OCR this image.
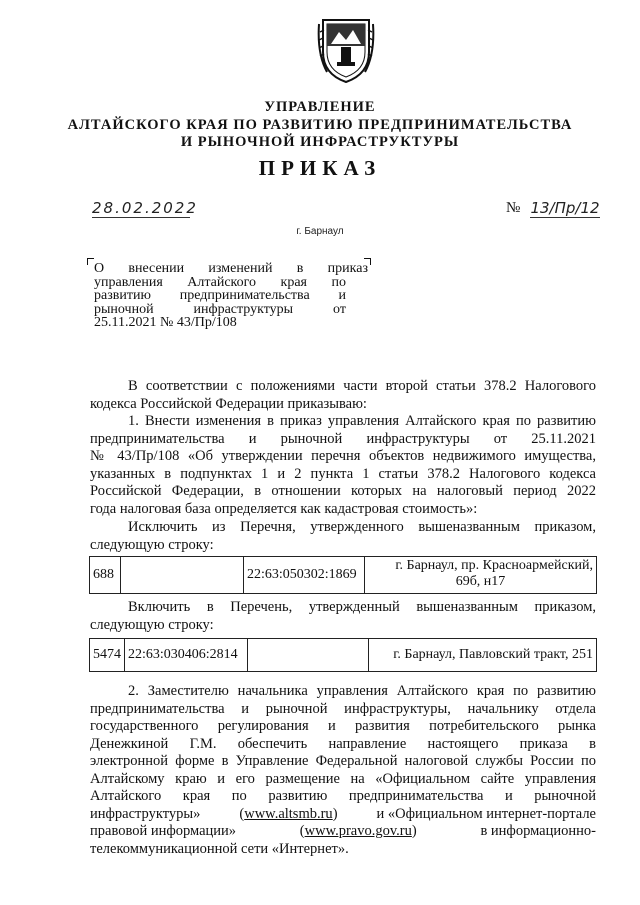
УПРАВЛЕНИЕ
АЛТАЙСКОГО КРАЯ ПО РАЗВИТИЮ ПРЕДПРИНИМАТЕЛЬСТВА
И РЫНОЧНОЙ ИНФРАСТРУКТУРЫ
ПРИКАЗ
28.02.2022	№ 13/Пр/12
г. Барнаул
О внесении изменений в приказ
управления Алтайского края по
развитию предпринимательства и
рыночной инфраструктуры от
25.11.2021 № 43/Пр/108
В соответствии с положениями части второй статьи 378.2 Налогового
кодекса Российской Федерации приказываю:
1. Внести изменения в приказ управления Алтайского края по развитию
предпринимательства и рыночной инфраструктуры от 25.11.2021
№ 43/Пр/108 «Об утверждении перечня объектов недвижимого имущества,
указанных в подпунктах 1 и 2 пункта 1 статьи 378.2 Налогового кодекса
Российской Федерации, в отношении которых на налоговый период 2022
года налоговая база определяется как кадастровая стоимость»:
Исключить из Перечня, утвержденного вышеназванным приказом,
следующую строку:
688		22:63:050302:1869	
г. Барнаул, пр. Красноармейский,
69б, н17
Включить в Перечень, утвержденный вышеназванным приказом,
следующую строку:
5474	22:63:030406:2814		г. Барнаул, Павловский тракт, 251
2. Заместителю начальника управления Алтайского края по развитию
предпринимательства и рыночной инфраструктуры, начальнику отдела
государственного регулирования и развития потребительского рынка
Денежкиной Г.М. обеспечить направление настоящего приказа в
электронной форме в Управление Федеральной налоговой службы России по
Алтайскому краю и его размещение на «Официальном сайте управления
Алтайского края по развитию предпринимательства и рыночной
инфраструктуры»	(www.altsmb.ru)	и «Официальном интернет-портале
правовой информации»	(www.pravo.gov.ru)	в информационно-
телекоммуникационной сети «Интернет».
